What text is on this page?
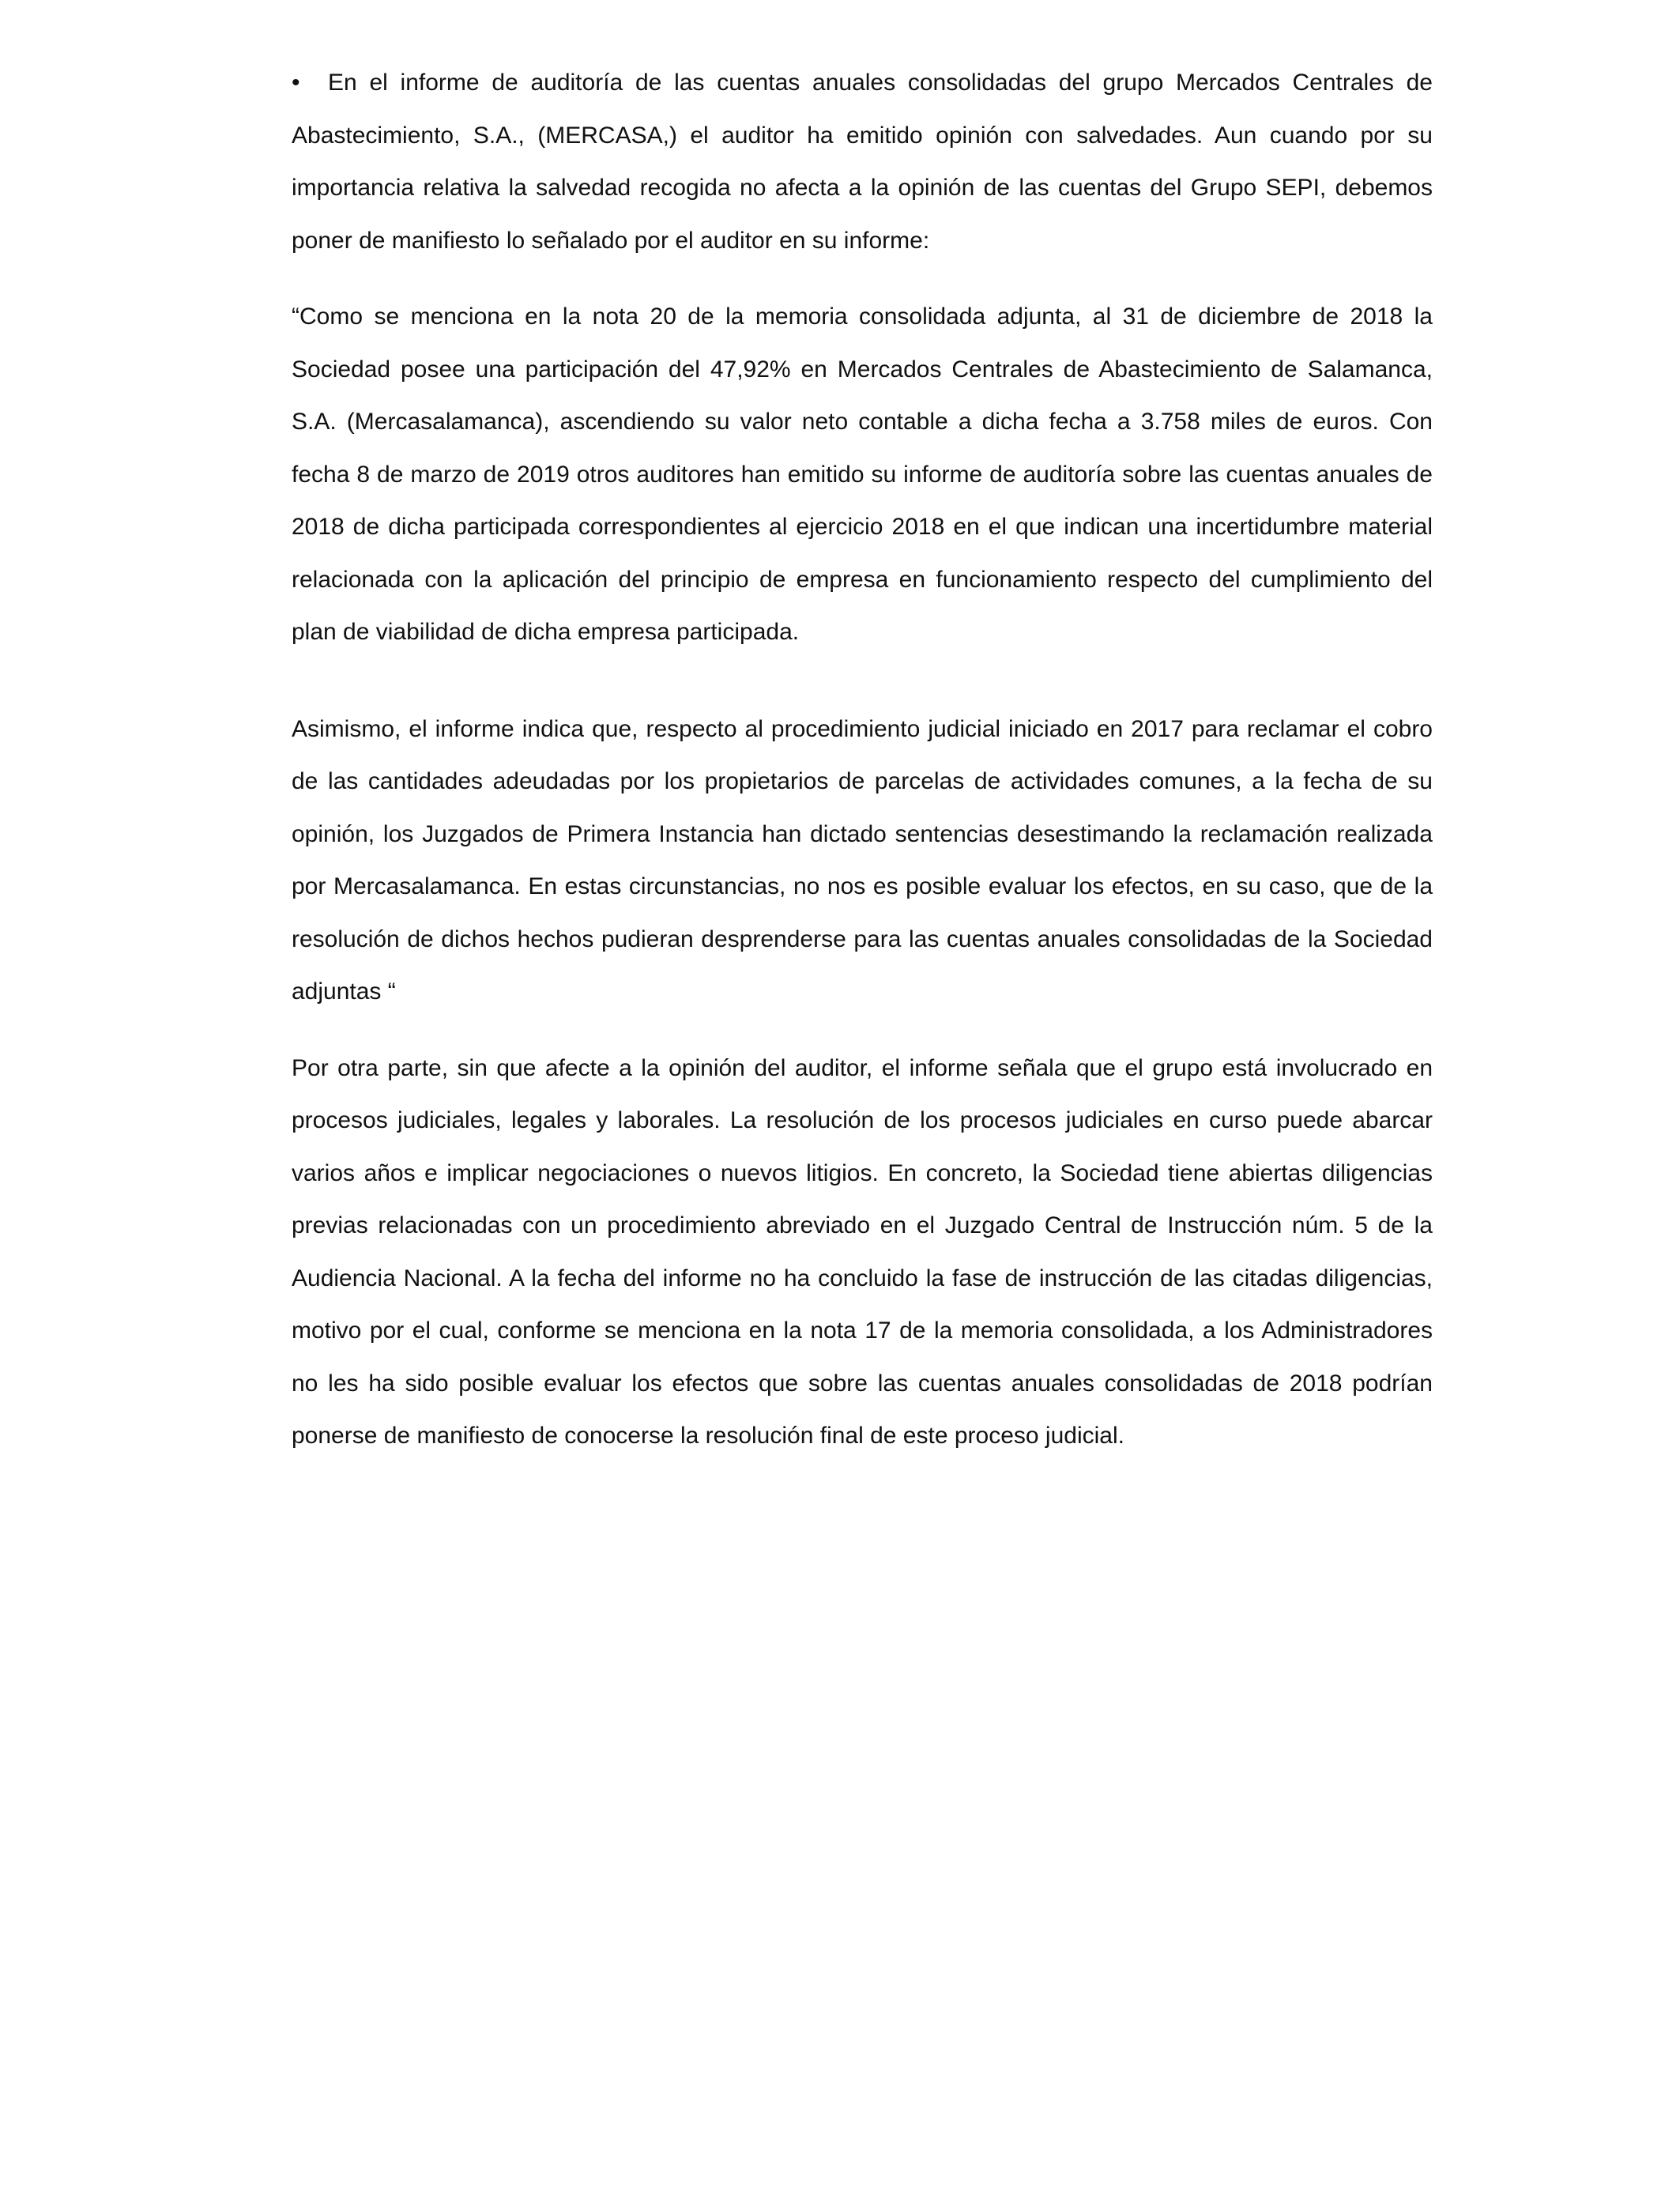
• En el informe de auditoría de las cuentas anuales consolidadas del grupo Mercados Centrales de Abastecimiento, S.A., (MERCASA,) el auditor ha emitido opinión con salvedades. Aun cuando por su importancia relativa la salvedad recogida no afecta a la opinión de las cuentas del Grupo SEPI, debemos poner de manifiesto lo señalado por el auditor en su informe:

“Como se menciona en la nota 20 de la memoria consolidada adjunta, al 31 de diciembre de 2018 la Sociedad posee una participación del 47,92% en Mercados Centrales de Abastecimiento de Salamanca, S.A. (Mercasalamanca), ascendiendo su valor neto contable a dicha fecha a 3.758 miles de euros. Con fecha 8 de marzo de 2019 otros auditores han emitido su informe de auditoría sobre las cuentas anuales de 2018 de dicha participada correspondientes al ejercicio 2018 en el que indican una incertidumbre material relacionada con la aplicación del principio de empresa en funcionamiento respecto del cumplimiento del plan de viabilidad de dicha empresa participada.

Asimismo, el informe indica que, respecto al procedimiento judicial iniciado en 2017 para reclamar el cobro de las cantidades adeudadas por los propietarios de parcelas de actividades comunes, a la fecha de su opinión, los Juzgados de Primera Instancia han dictado sentencias desestimando la reclamación realizada por Mercasalamanca. En estas circunstancias, no nos es posible evaluar los efectos, en su caso, que de la resolución de dichos hechos pudieran desprenderse para las cuentas anuales consolidadas de la Sociedad adjuntas “

Por otra parte, sin que afecte a la opinión del auditor, el informe señala que el grupo está involucrado en procesos judiciales, legales y laborales. La resolución de los procesos judiciales en curso puede abarcar varios años e implicar negociaciones o nuevos litigios. En concreto, la Sociedad tiene abiertas diligencias previas relacionadas con un procedimiento abreviado en el Juzgado Central de Instrucción núm. 5 de la Audiencia Nacional. A la fecha del informe no ha concluido la fase de instrucción de las citadas diligencias, motivo por el cual, conforme se menciona en la nota 17 de la memoria consolidada, a los Administradores no les ha sido posible evaluar los efectos que sobre las cuentas anuales consolidadas de 2018 podrían ponerse de manifiesto de conocerse la resolución final de este proceso judicial.
